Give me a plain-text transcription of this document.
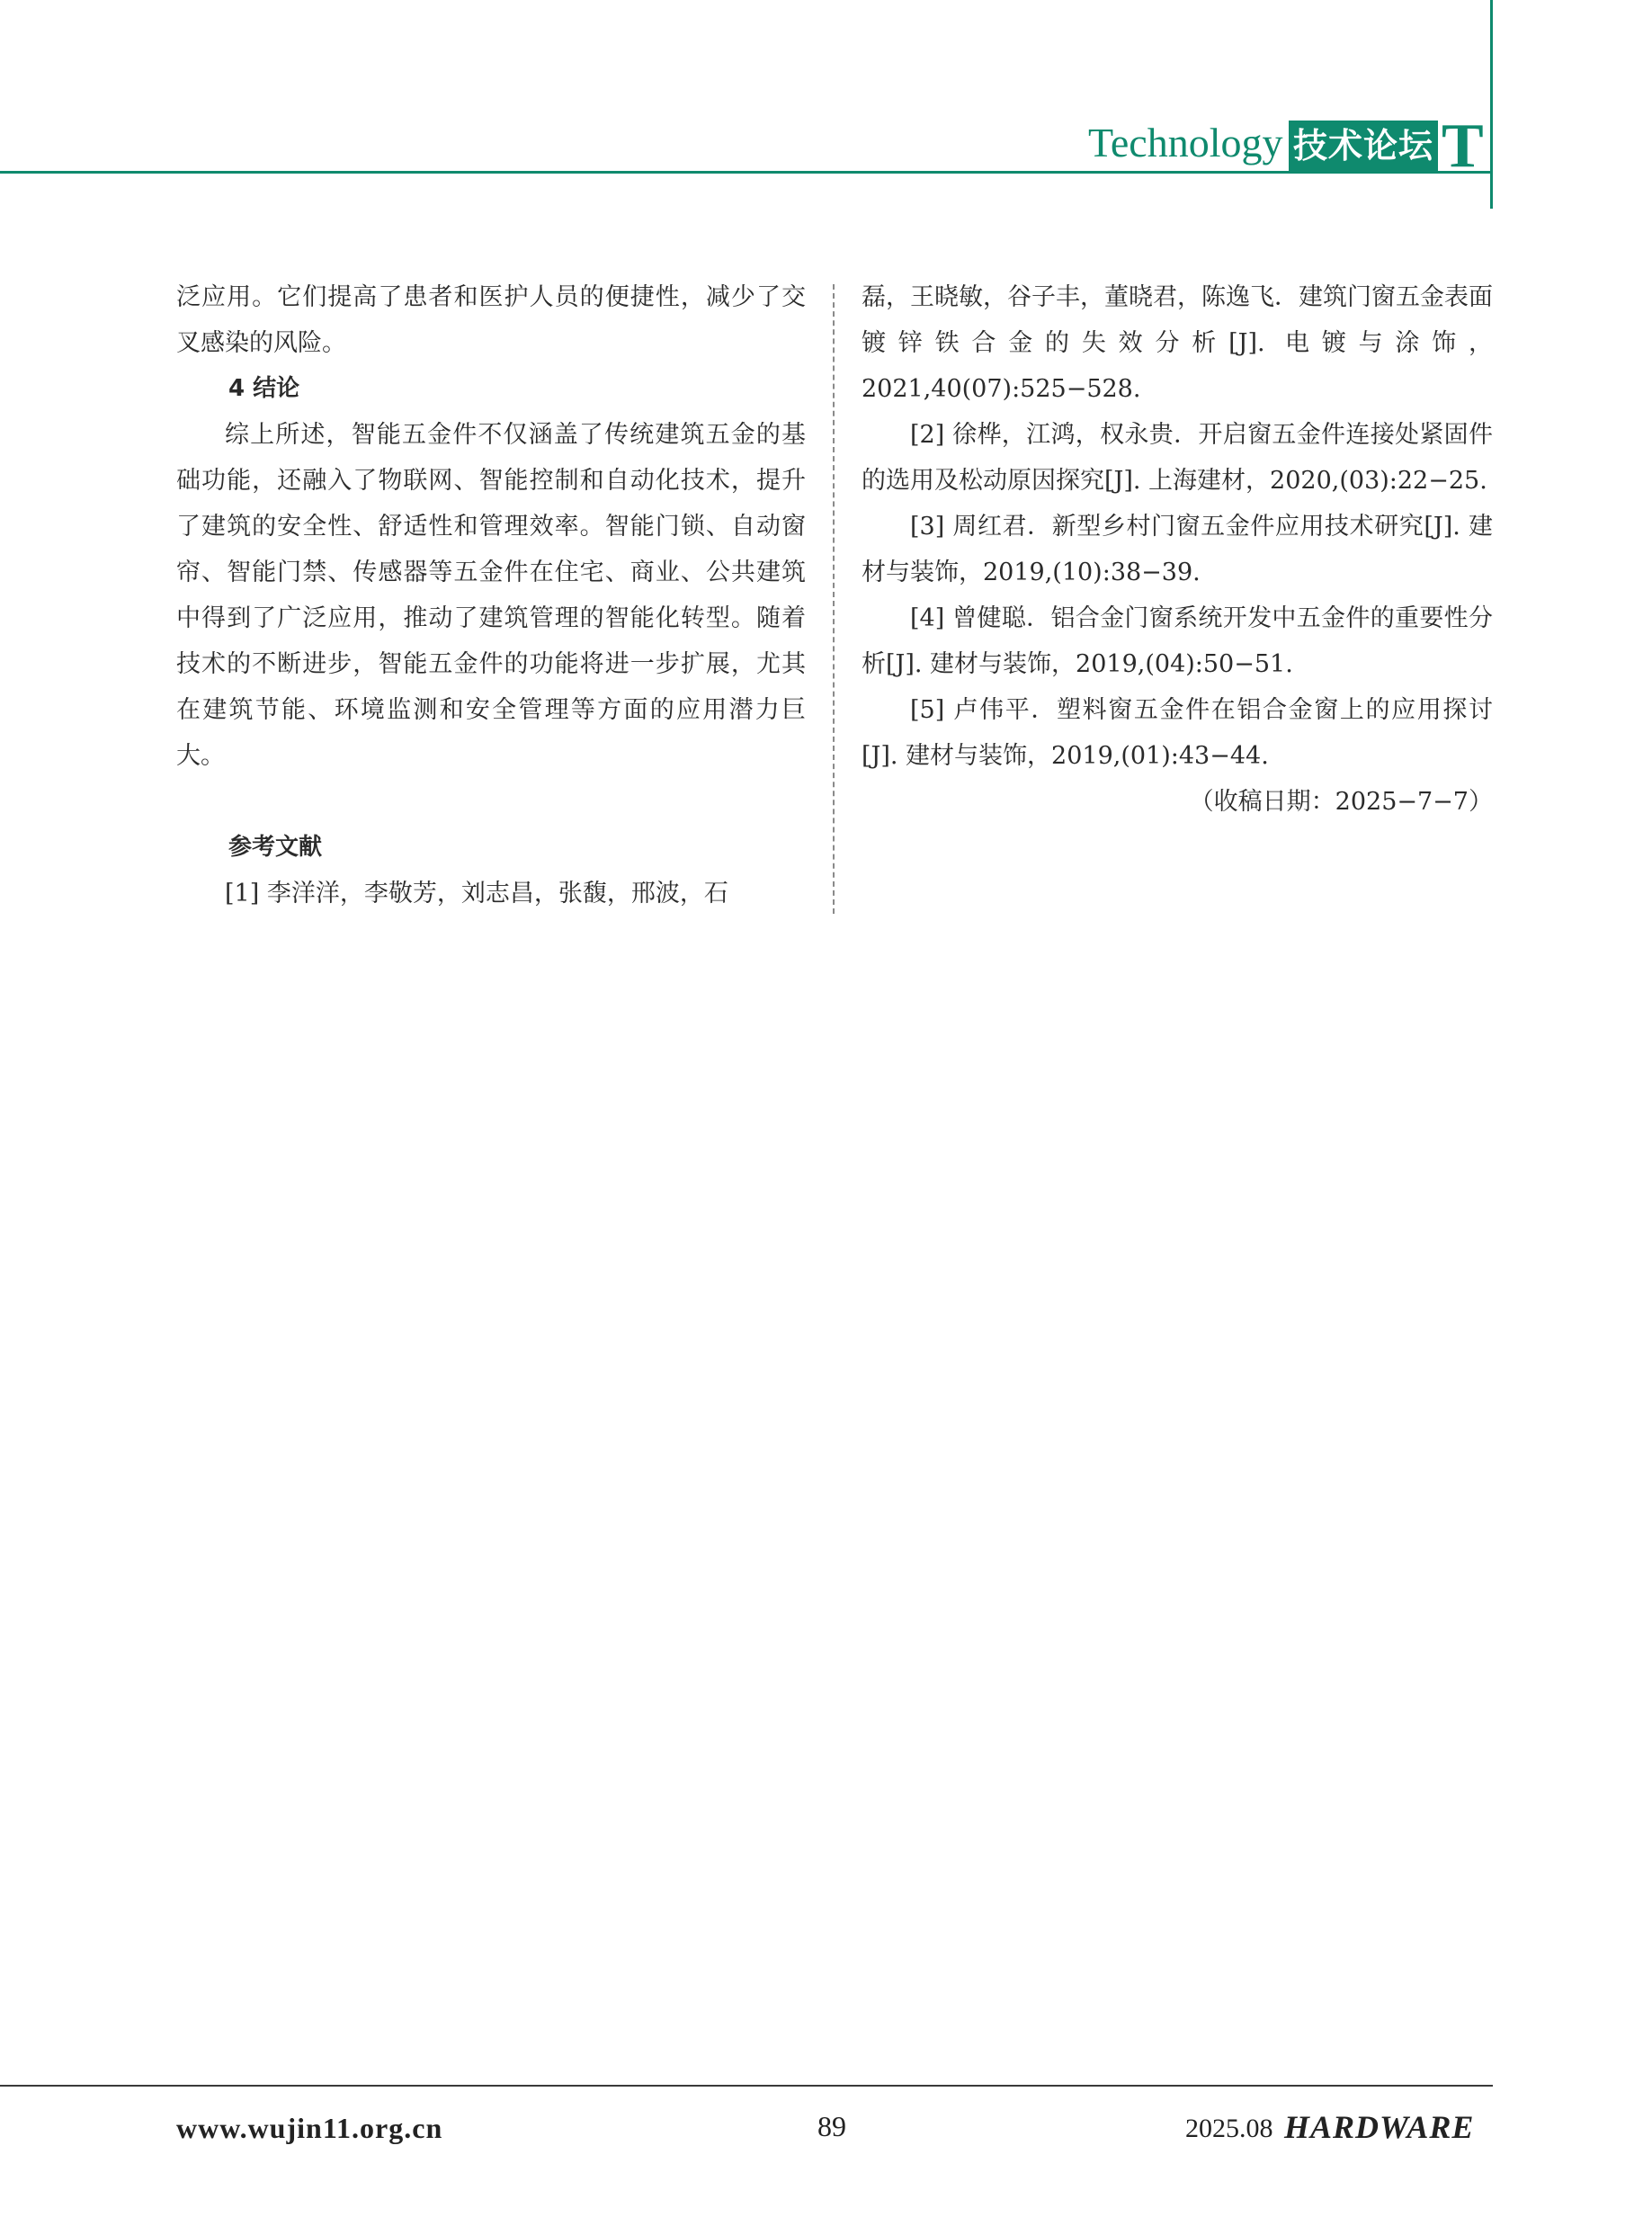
Technology 技术论坛 T

泛应用。它们提高了患者和医护人员的便捷性，减少了交叉感染的风险。

4 结论

综上所述，智能五金件不仅涵盖了传统建筑五金的基础功能，还融入了物联网、智能控制和自动化技术，提升了建筑的安全性、舒适性和管理效率。智能门锁、自动窗帘、智能门禁、传感器等五金件在住宅、商业、公共建筑中得到了广泛应用，推动了建筑管理的智能化转型。随着技术的不断进步，智能五金件的功能将进一步扩展，尤其在建筑节能、环境监测和安全管理等方面的应用潜力巨大。

参考文献

[1] 李洋洋，李敬芳，刘志昌，张馥，邢波，石

磊，王晓敏，谷子丰，董晓君，陈逸飞．建筑门窗五金表面镀锌铁合金的失效分析[J]. 电镀与涂饰，2021,40(07):525−528.

[2] 徐桦，江鸿，权永贵．开启窗五金件连接处紧固件的选用及松动原因探究[J]. 上海建材，2020,(03):22−25.

[3] 周红君．新型乡村门窗五金件应用技术研究[J]. 建材与装饰，2019,(10):38−39.

[4] 曾健聪．铝合金门窗系统开发中五金件的重要性分析[J]. 建材与装饰，2019,(04):50−51.

[5] 卢伟平．塑料窗五金件在铝合金窗上的应用探讨[J]. 建材与装饰，2019,(01):43−44.

（收稿日期：2025−7−7）

www.wujin11.org.cn	89	2025.08 HARDWARE
